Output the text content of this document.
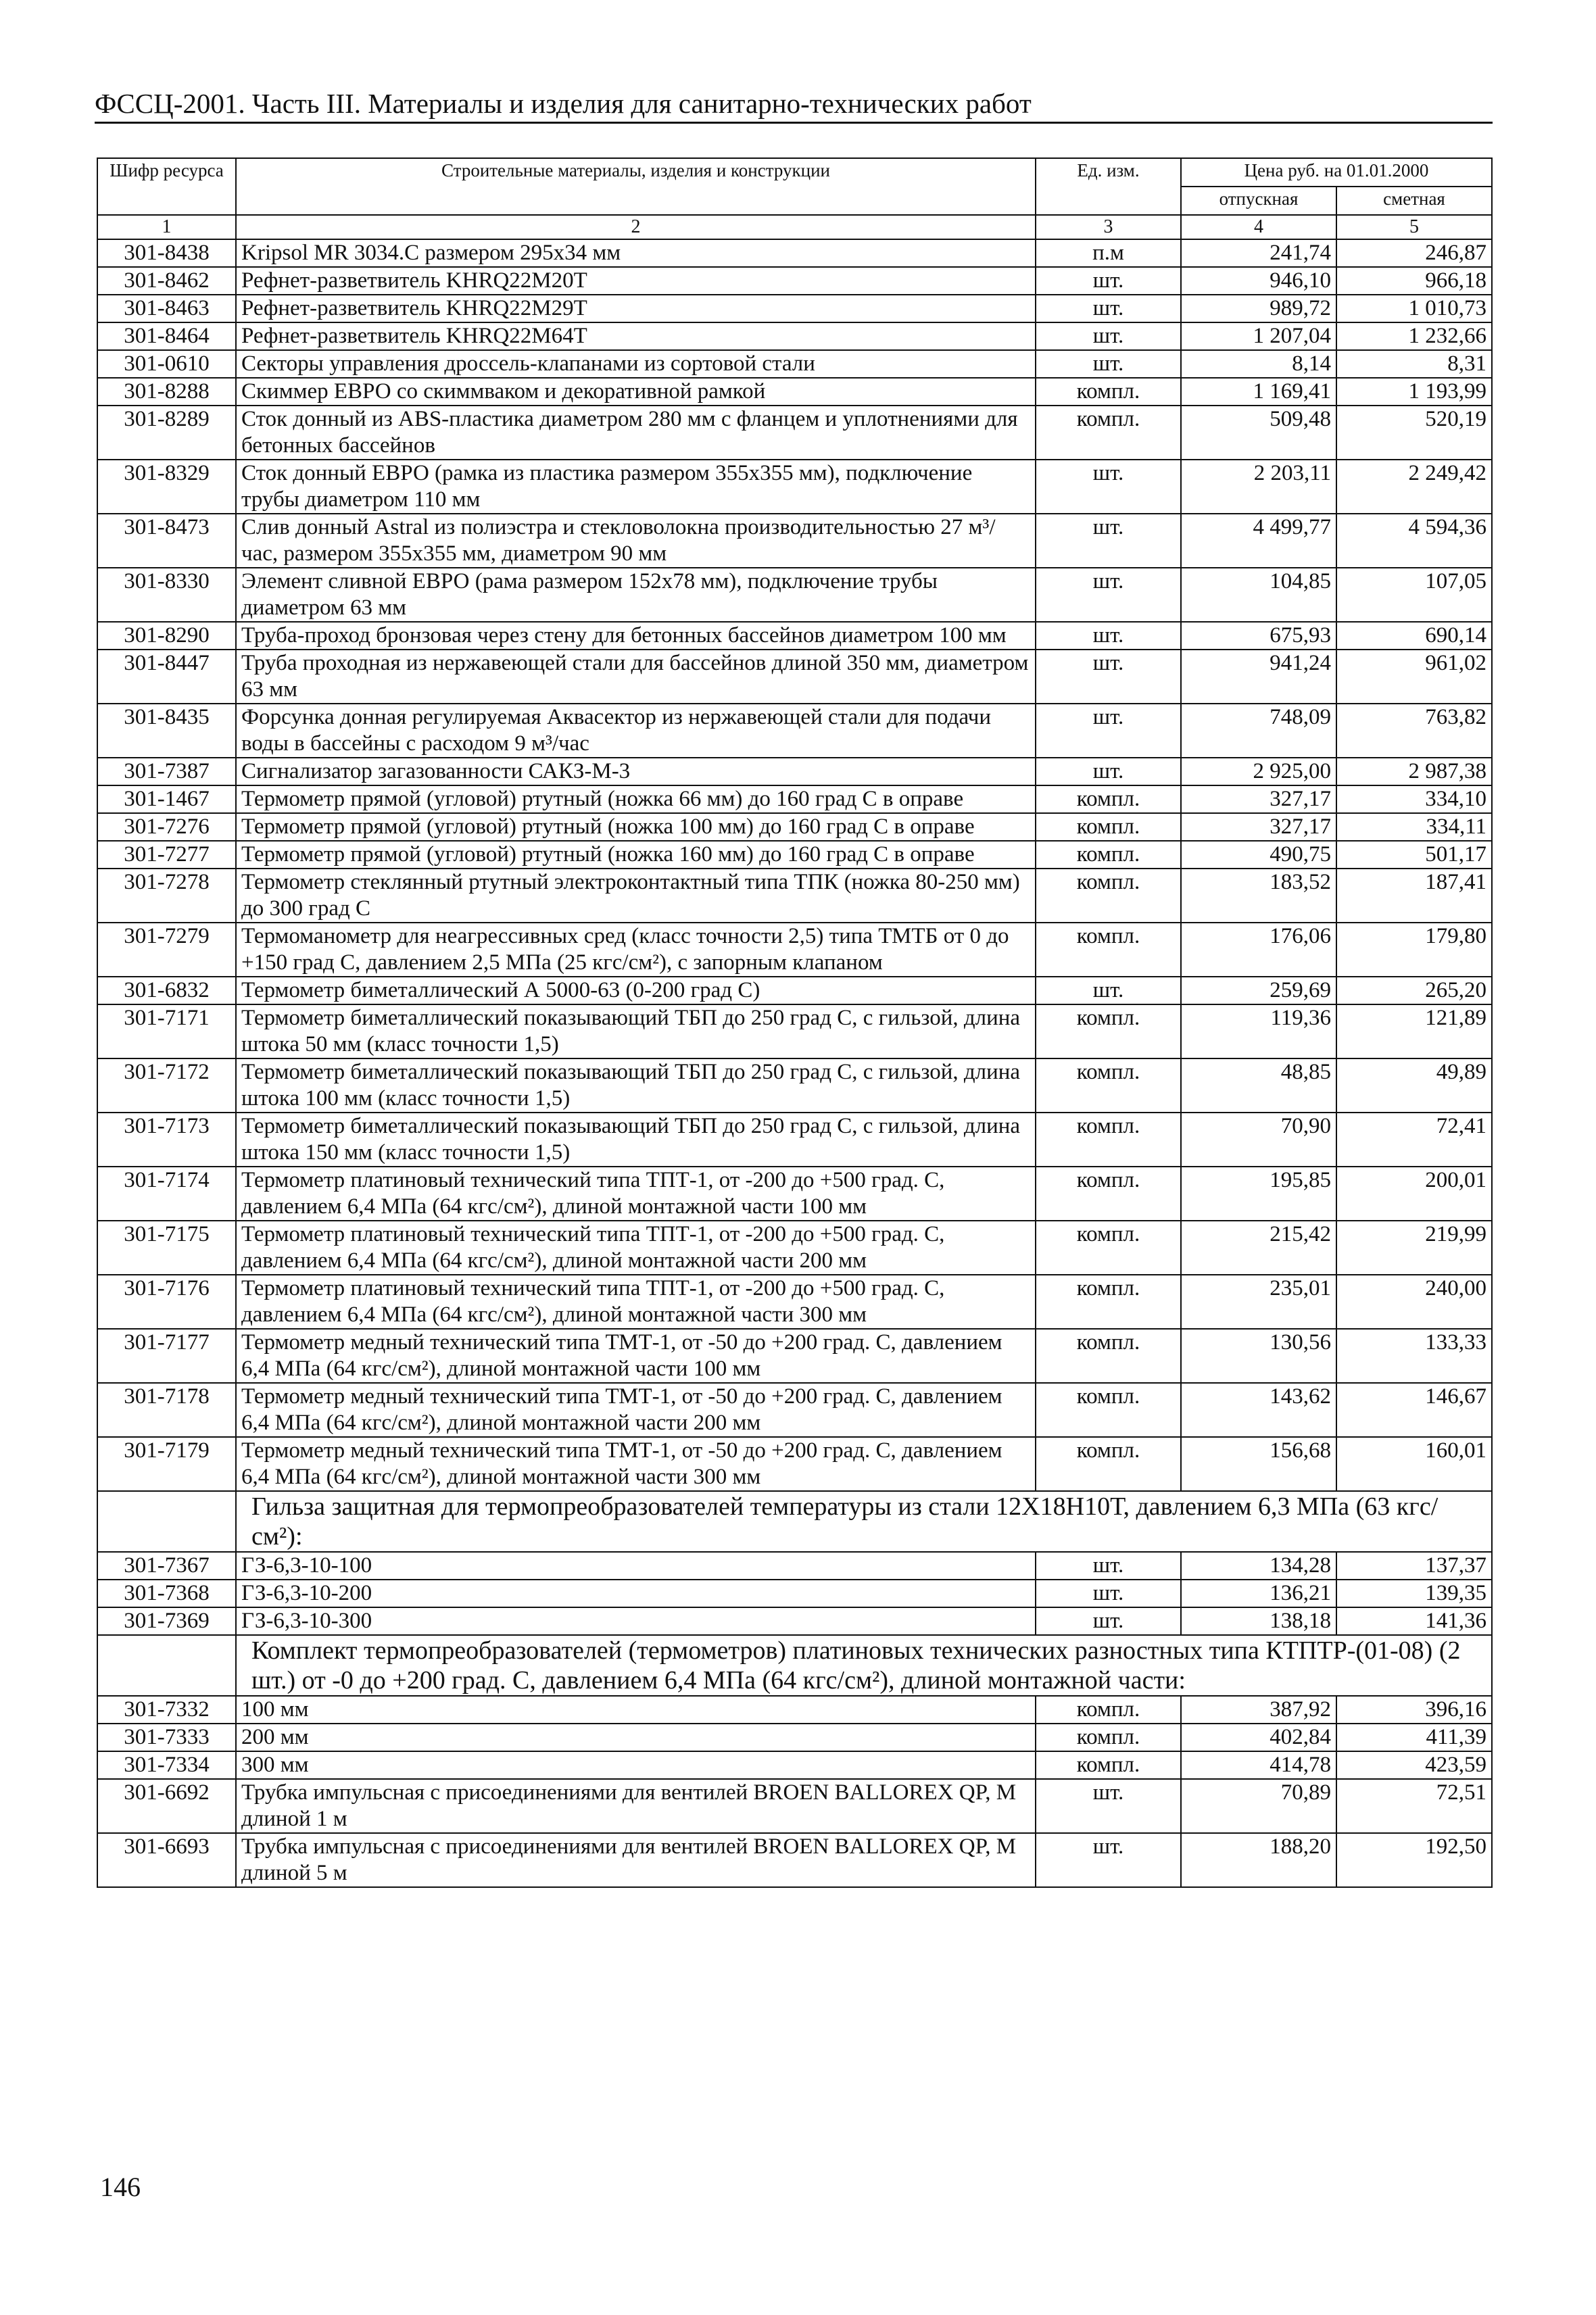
ФССЦ-2001. Часть III. Материалы и изделия для санитарно-технических работ
Шифр ресурса	Строительные материалы, изделия и конструкции	Ед. изм.	Цена руб. на 01.01.2000	
			отпускная	сметная
1	2	3	4	5
301-8438	Kripsol MR 3034.С размером 295х34 мм	п.м	241,74	246,87
301-8462	Рефнет-разветвитель KHRQ22M20T	шт.	946,10	966,18
301-8463	Рефнет-разветвитель KHRQ22M29T	шт.	989,72	1 010,73
301-8464	Рефнет-разветвитель KHRQ22M64T	шт.	1 207,04	1 232,66
301-0610	Секторы управления дроссель-клапанами из сортовой стали	шт.	8,14	8,31
301-8288	Скиммер ЕВРО со скиммваком и декоративной рамкой	компл.	1 169,41	1 193,99
301-8289	Сток донный из ABS-пластика диаметром 280 мм с фланцем и уплотнениями для бетонных бассейнов	компл.	509,48	520,19
301-8329	Сток донный ЕВРО (рамка из пластика размером 355х355 мм), подключение трубы диаметром 110 мм	шт.	2 203,11	2 249,42
301-8473	Слив донный Astral из полиэстра и стекловолокна производительностью 27 м³/час, размером 355х355 мм, диаметром 90 мм	шт.	4 499,77	4 594,36
301-8330	Элемент сливной ЕВРО (рама размером 152х78 мм), подключение трубы диаметром 63 мм	шт.	104,85	107,05
301-8290	Труба-проход бронзовая через стену для бетонных бассейнов диаметром 100 мм	шт.	675,93	690,14
301-8447	Труба проходная из нержавеющей стали для бассейнов длиной 350 мм, диаметром 63 мм	шт.	941,24	961,02
301-8435	Форсунка донная регулируемая Аквасектор из нержавеющей стали для подачи воды в бассейны с расходом 9 м³/час	шт.	748,09	763,82
301-7387	Сигнализатор загазованности САКЗ-М-3	шт.	2 925,00	2 987,38
301-1467	Термометр прямой (угловой) ртутный (ножка 66 мм) до 160 град С в оправе	компл.	327,17	334,10
301-7276	Термометр прямой (угловой) ртутный (ножка 100 мм) до 160 град С в оправе	компл.	327,17	334,11
301-7277	Термометр прямой (угловой) ртутный (ножка 160 мм) до 160 град С в оправе	компл.	490,75	501,17
301-7278	Термометр стеклянный ртутный электроконтактный типа ТПК (ножка 80-250 мм) до 300 град С	компл.	183,52	187,41
301-7279	Термоманометр для неагрессивных сред (класс точности 2,5) типа ТМТБ от 0 до +150 град С, давлением 2,5 МПа (25 кгс/см²), с запорным клапаном	компл.	176,06	179,80
301-6832	Термометр биметаллический А 5000-63 (0-200 град С)	шт.	259,69	265,20
301-7171	Термометр биметаллический показывающий ТБП до 250 град С, с гильзой, длина штока 50 мм (класс точности 1,5)	компл.	119,36	121,89
301-7172	Термометр биметаллический показывающий ТБП до 250 град С, с гильзой, длина штока 100 мм (класс точности 1,5)	компл.	48,85	49,89
301-7173	Термометр биметаллический показывающий ТБП до 250 град С, с гильзой, длина штока 150 мм (класс точности 1,5)	компл.	70,90	72,41
301-7174	Термометр платиновый технический типа ТПТ-1, от -200 до +500 град. С, давлением 6,4 МПа (64 кгс/см²), длиной монтажной части 100 мм	компл.	195,85	200,01
301-7175	Термометр платиновый технический типа ТПТ-1, от -200 до +500 град. С, давлением 6,4 МПа (64 кгс/см²), длиной монтажной части 200 мм	компл.	215,42	219,99
301-7176	Термометр платиновый технический типа ТПТ-1, от -200 до +500 град. С, давлением 6,4 МПа (64 кгс/см²), длиной монтажной части 300 мм	компл.	235,01	240,00
301-7177	Термометр медный технический типа ТМТ-1, от -50 до +200 град. С, давлением 6,4 МПа (64 кгс/см²), длиной монтажной части 100 мм	компл.	130,56	133,33
301-7178	Термометр медный технический типа ТМТ-1, от -50 до +200 град. С, давлением 6,4 МПа (64 кгс/см²), длиной монтажной части 200 мм	компл.	143,62	146,67
301-7179	Термометр медный технический типа ТМТ-1, от -50 до +200 град. С, давлением 6,4 МПа (64 кгс/см²), длиной монтажной части 300 мм	компл.	156,68	160,01
	Гильза защитная для термопреобразователей температуры из стали 12Х18Н10Т, давлением 6,3 МПа (63 кгс/см²):			
301-7367	ГЗ-6,3-10-100	шт.	134,28	137,37
301-7368	ГЗ-6,3-10-200	шт.	136,21	139,35
301-7369	ГЗ-6,3-10-300	шт.	138,18	141,36
	Комплект термопреобразователей (термометров) платиновых технических разностных типа КТПТР-(01-08) (2 шт.) от -0 до +200 град. С, давлением 6,4 МПа (64 кгс/см²), длиной монтажной части:			
301-7332	100 мм	компл.	387,92	396,16
301-7333	200 мм	компл.	402,84	411,39
301-7334	300 мм	компл.	414,78	423,59
301-6692	Трубка импульсная с присоединениями для вентилей BROEN BALLOREX QP, M длиной 1 м	шт.	70,89	72,51
301-6693	Трубка импульсная с присоединениями для вентилей BROEN BALLOREX QP, M длиной 5 м	шт.	188,20	192,50
146
